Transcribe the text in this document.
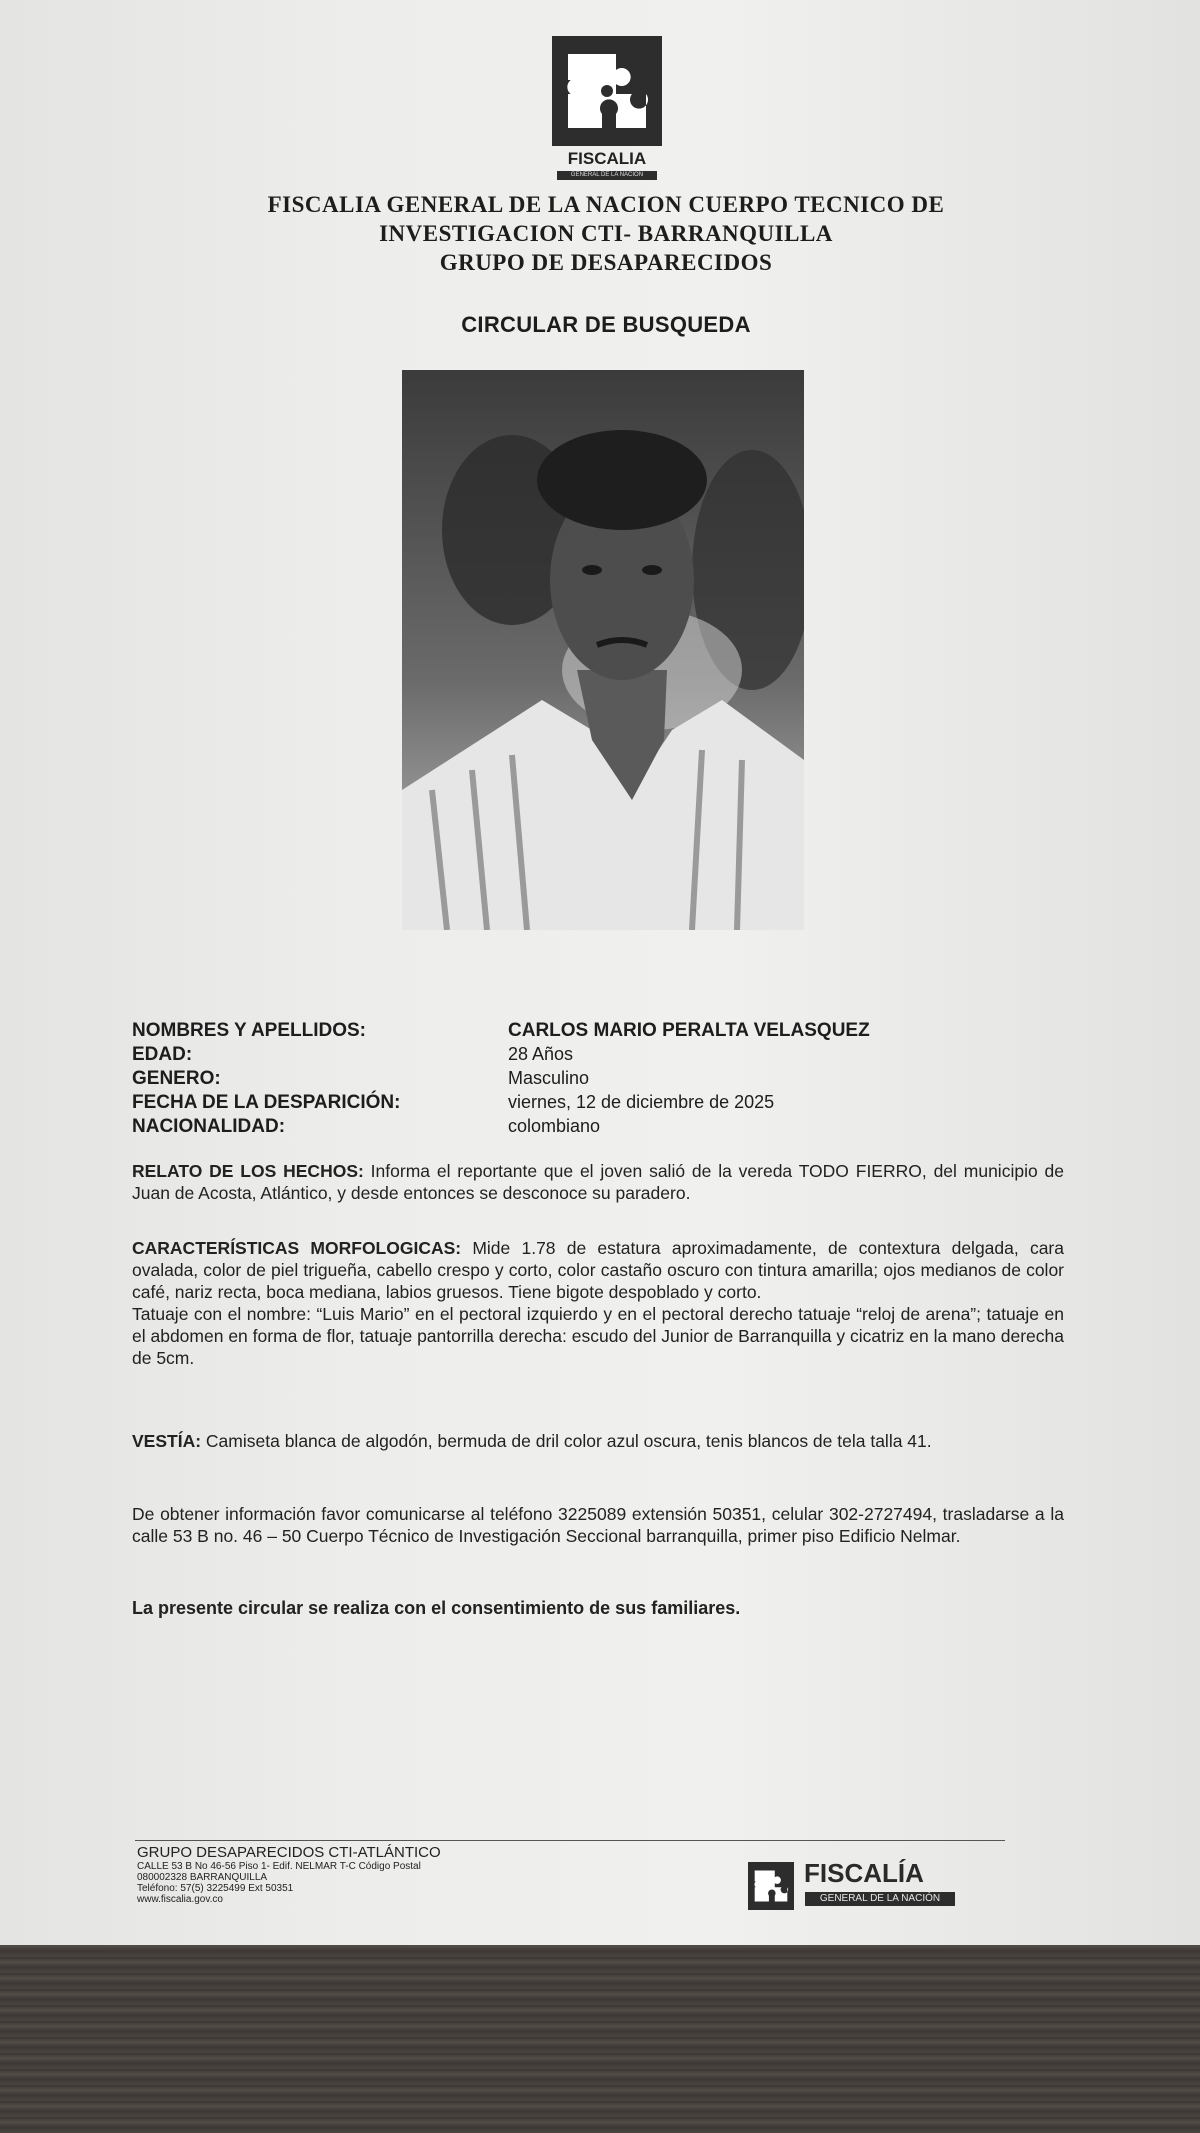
FISCALIA
GENERAL DE LA NACION
FISCALIA GENERAL DE LA NACION CUERPO TECNICO DE
INVESTIGACION CTI- BARRANQUILLA
GRUPO DE DESAPARECIDOS
CIRCULAR DE BUSQUEDA
NOMBRES Y APELLIDOS:	CARLOS MARIO PERALTA VELASQUEZ
EDAD:	28 Años
GENERO:	Masculino
FECHA DE LA DESPARICIÓN:	viernes, 12 de diciembre de 2025
NACIONALIDAD:	colombiano
RELATO DE LOS HECHOS: Informa el reportante que el joven salió de la vereda TODO FIERRO, del municipio de Juan de Acosta, Atlántico, y desde entonces se desconoce su paradero.
CARACTERÍSTICAS MORFOLOGICAS: Mide 1.78 de estatura aproximadamente, de contextura delgada, cara ovalada, color de piel trigueña, cabello crespo y corto, color castaño oscuro con tintura amarilla; ojos medianos de color café, nariz recta, boca mediana, labios gruesos. Tiene bigote despoblado y corto.
Tatuaje con el nombre: “Luis Mario” en el pectoral izquierdo y en el pectoral derecho tatuaje “reloj de arena”; tatuaje en el abdomen en forma de flor, tatuaje pantorrilla derecha: escudo del Junior de Barranquilla y cicatriz en la mano derecha de 5cm.
VESTÍA: Camiseta blanca de algodón, bermuda de dril color azul oscura, tenis blancos de tela talla 41.
De obtener información favor comunicarse al teléfono 3225089 extensión 50351, celular 302-2727494, trasladarse a la calle 53 B no. 46 – 50 Cuerpo Técnico de Investigación Seccional barranquilla, primer piso Edificio Nelmar.
La presente circular se realiza con el consentimiento de sus familiares.
GRUPO DESAPARECIDOS CTI-ATLÁNTICO
CALLE 53 B No 46-56 Piso 1- Edif. NELMAR T-C Código Postal
080002328 BARRANQUILLA
Teléfono: 57(5) 3225499 Ext 50351
www.fiscalia.gov.co
FISCALÍA
GENERAL DE LA NACIÓN
